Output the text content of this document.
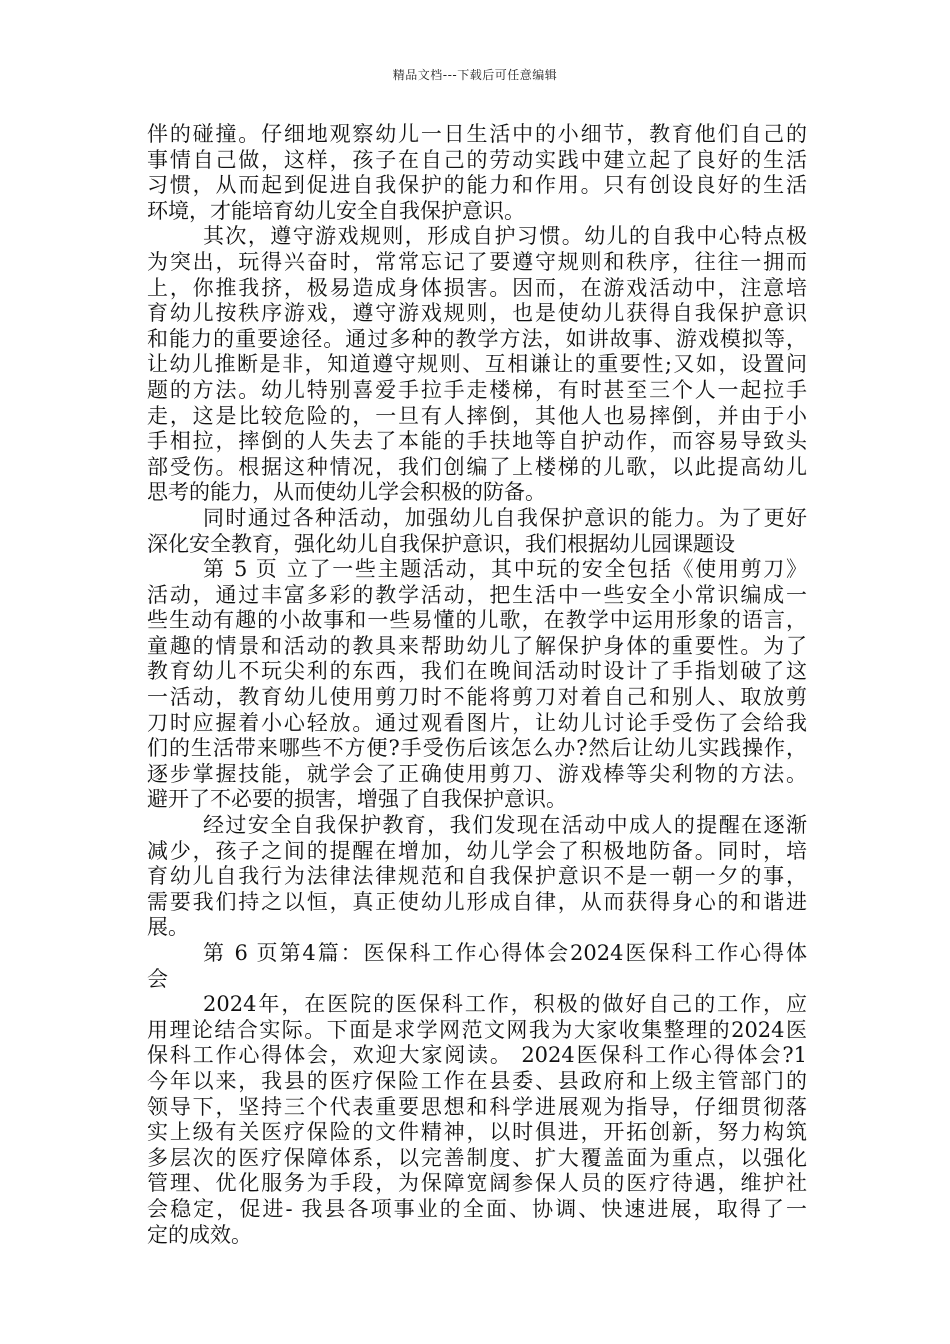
精品文档---下载后可任意编辑
伴的碰撞。仔细地观察幼儿一日生活中的小细节，教育他们自己的
事情自己做，这样，孩子在自己的劳动实践中建立起了良好的生活
习惯，从而起到促进自我保护的能力和作用。只有创设良好的生活
环境，才能培育幼儿安全自我保护意识。
其次，遵守游戏规则，形成自护习惯。幼儿的自我中心特点极
为突出，玩得兴奋时，常常忘记了要遵守规则和秩序，往往一拥而
上，你推我挤，极易造成身体损害。因而，在游戏活动中，注意培
育幼儿按秩序游戏，遵守游戏规则，也是使幼儿获得自我保护意识
和能力的重要途径。通过多种的教学方法，如讲故事、游戏模拟等，
让幼儿推断是非，知道遵守规则、互相谦让的重要性;又如，设置问
题的方法。幼儿特别喜爱手拉手走楼梯，有时甚至三个人一起拉手
走，这是比较危险的，一旦有人摔倒，其他人也易摔倒，并由于小
手相拉，摔倒的人失去了本能的手扶地等自护动作，而容易导致头
部受伤。根据这种情况，我们创编了上楼梯的儿歌，以此提高幼儿
思考的能力，从而使幼儿学会积极的防备。
同时通过各种活动，加强幼儿自我保护意识的能力。为了更好
深化安全教育，强化幼儿自我保护意识，我们根据幼儿园课题设
第 5 页 立了一些主题活动，其中玩的安全包括《使用剪刀》
活动，通过丰富多彩的教学活动，把生活中一些安全小常识编成一
些生动有趣的小故事和一些易懂的儿歌，在教学中运用形象的语言，
童趣的情景和活动的教具来帮助幼儿了解保护身体的重要性。为了
教育幼儿不玩尖利的东西，我们在晚间活动时设计了手指划破了这
一活动，教育幼儿使用剪刀时不能将剪刀对着自己和别人、取放剪
刀时应握着小心轻放。通过观看图片，让幼儿讨论手受伤了会给我
们的生活带来哪些不方便?手受伤后该怎么办?然后让幼儿实践操作，
逐步掌握技能，就学会了正确使用剪刀、游戏棒等尖利物的方法。
避开了不必要的损害，增强了自我保护意识。
经过安全自我保护教育，我们发现在活动中成人的提醒在逐渐
减少，孩子之间的提醒在增加，幼儿学会了积极地防备。同时，培
育幼儿自我行为法律法律规范和自我保护意识不是一朝一夕的事，
需要我们持之以恒，真正使幼儿形成自律，从而获得身心的和谐进
展。
第 6 页第4篇：医保科工作心得体会2024医保科工作心得体
会
2024年，在医院的医保科工作，积极的做好自己的工作，应
用理论结合实际。下面是求学网范文网我为大家收集整理的2024医
保科工作心得体会，欢迎大家阅读。 2024医保科工作心得体会?1
今年以来，我县的医疗保险工作在县委、县政府和上级主管部门的
领导下，坚持三个代表重要思想和科学进展观为指导，仔细贯彻落
实上级有关医疗保险的文件精神，以时俱进，开拓创新，努力构筑
多层次的医疗保障体系，以完善制度、扩大覆盖面为重点，以强化
管理、优化服务为手段，为保障宽阔参保人员的医疗待遇，维护社
会稳定，促进- 我县各项事业的全面、协调、快速进展，取得了一
定的成效。
